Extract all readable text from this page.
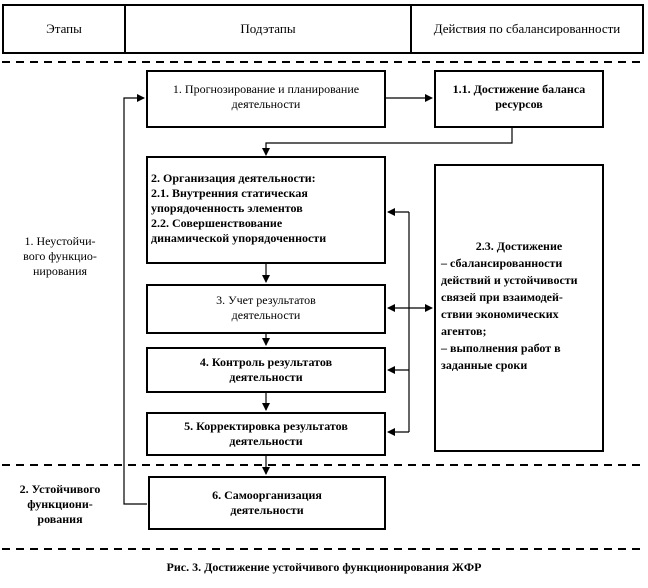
Этапы	Подэтапы	Действия по сбалансированности
1. Неустойчи-
вого функцио-
нирования
2. Устойчивого
функциони-
рования
1. Прогнозирование и планирование
деятельности
1.1. Достижение баланса
ресурсов
2. Организация деятельности:
2.1. Внутренния статическая
упорядоченность элементов
2.2. Совершенствование
динамической упорядоченности
3. Учет результатов
деятельности
4. Контроль результатов
деятельности
5. Корректировка результатов
деятельности
6. Самоорганизация
деятельности
2.3. Достижение
– сбалансированности
действий и устойчивости
связей при взаимодей-
ствии экономических
агентов;
– выполнения работ в
заданные сроки
Рис. 3. Достижение устойчивого функционирования ЖФР
